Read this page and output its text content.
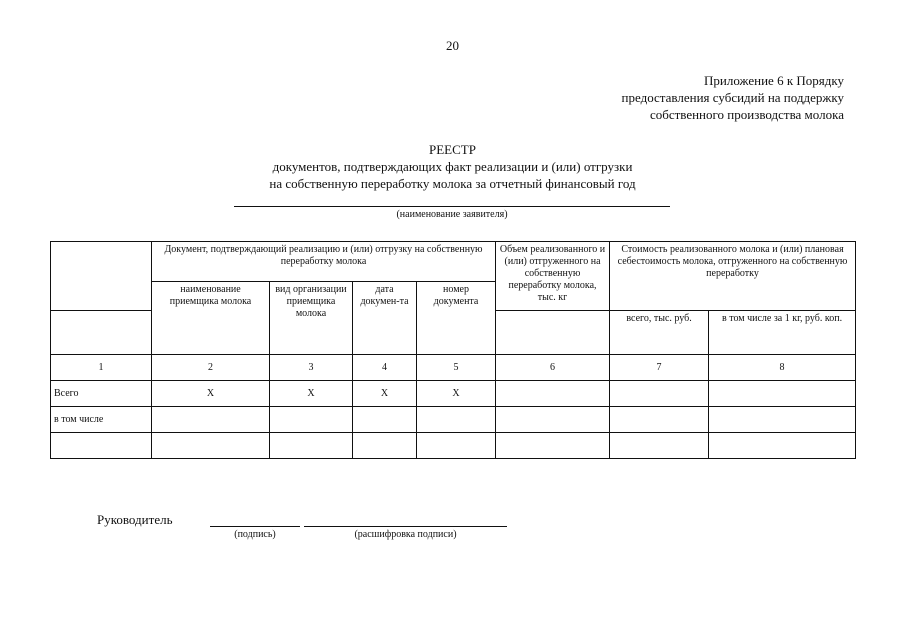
20
Приложение 6 к Порядку
предоставления субсидий на поддержку
собственного производства молока
РЕЕСТР
документов, подтверждающих факт реализации и (или) отгрузки
на собственную переработку молока за отчетный финансовый год
(наименование заявителя)
	Документ, подтверждающий реализацию и (или) отгрузку на собственную переработку молока				Объем реализованного и (или) отгруженного на собственную переработку молока, тыс. кг	Стоимость реализованного молока и (или) плановая себестоимость молока, отгруженного на собственную переработку	
	наименование приемщика молока	вид организации приемщика молока	дата докумен-та	номер документа			
						всего, тыс. руб.	в том числе за 1 кг, руб. коп.
1	2	3	4	5	6	7	8
Всего	Х	Х	Х	Х			
в том числе							

Руководитель
(подпись)	(расшифровка подписи)
